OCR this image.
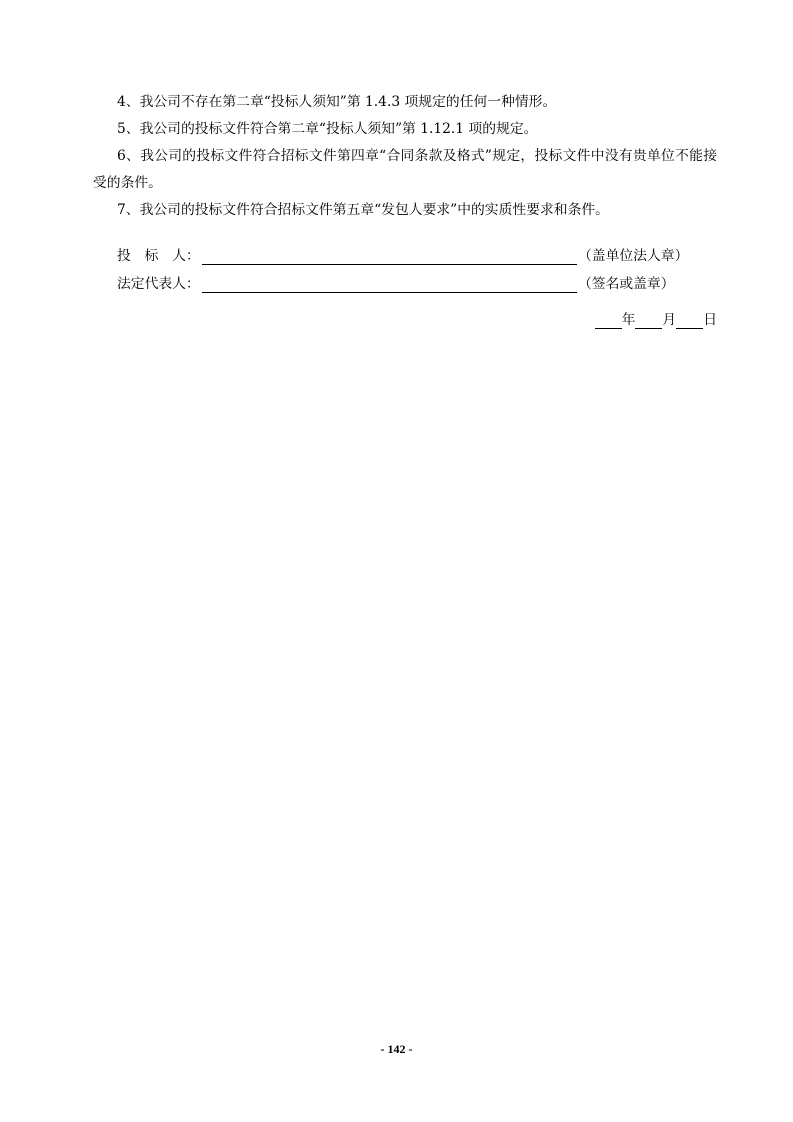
4、我公司不存在第二章“投标人须知”第 1.4.3 项规定的任何一种情形。
5、我公司的投标文件符合第二章“投标人须知”第 1.12.1 项的规定。
6、我公司的投标文件符合招标文件第四章“合同条款及格式”规定，投标文件中没有贵单位不能接
受的条件。
7、我公司的投标文件符合招标文件第五章“发包人要求”中的实质性要求和条件。
投　标　人：	（盖单位法人章）
法定代表人：	（签名或盖章）
年 月 日
- 142 -
